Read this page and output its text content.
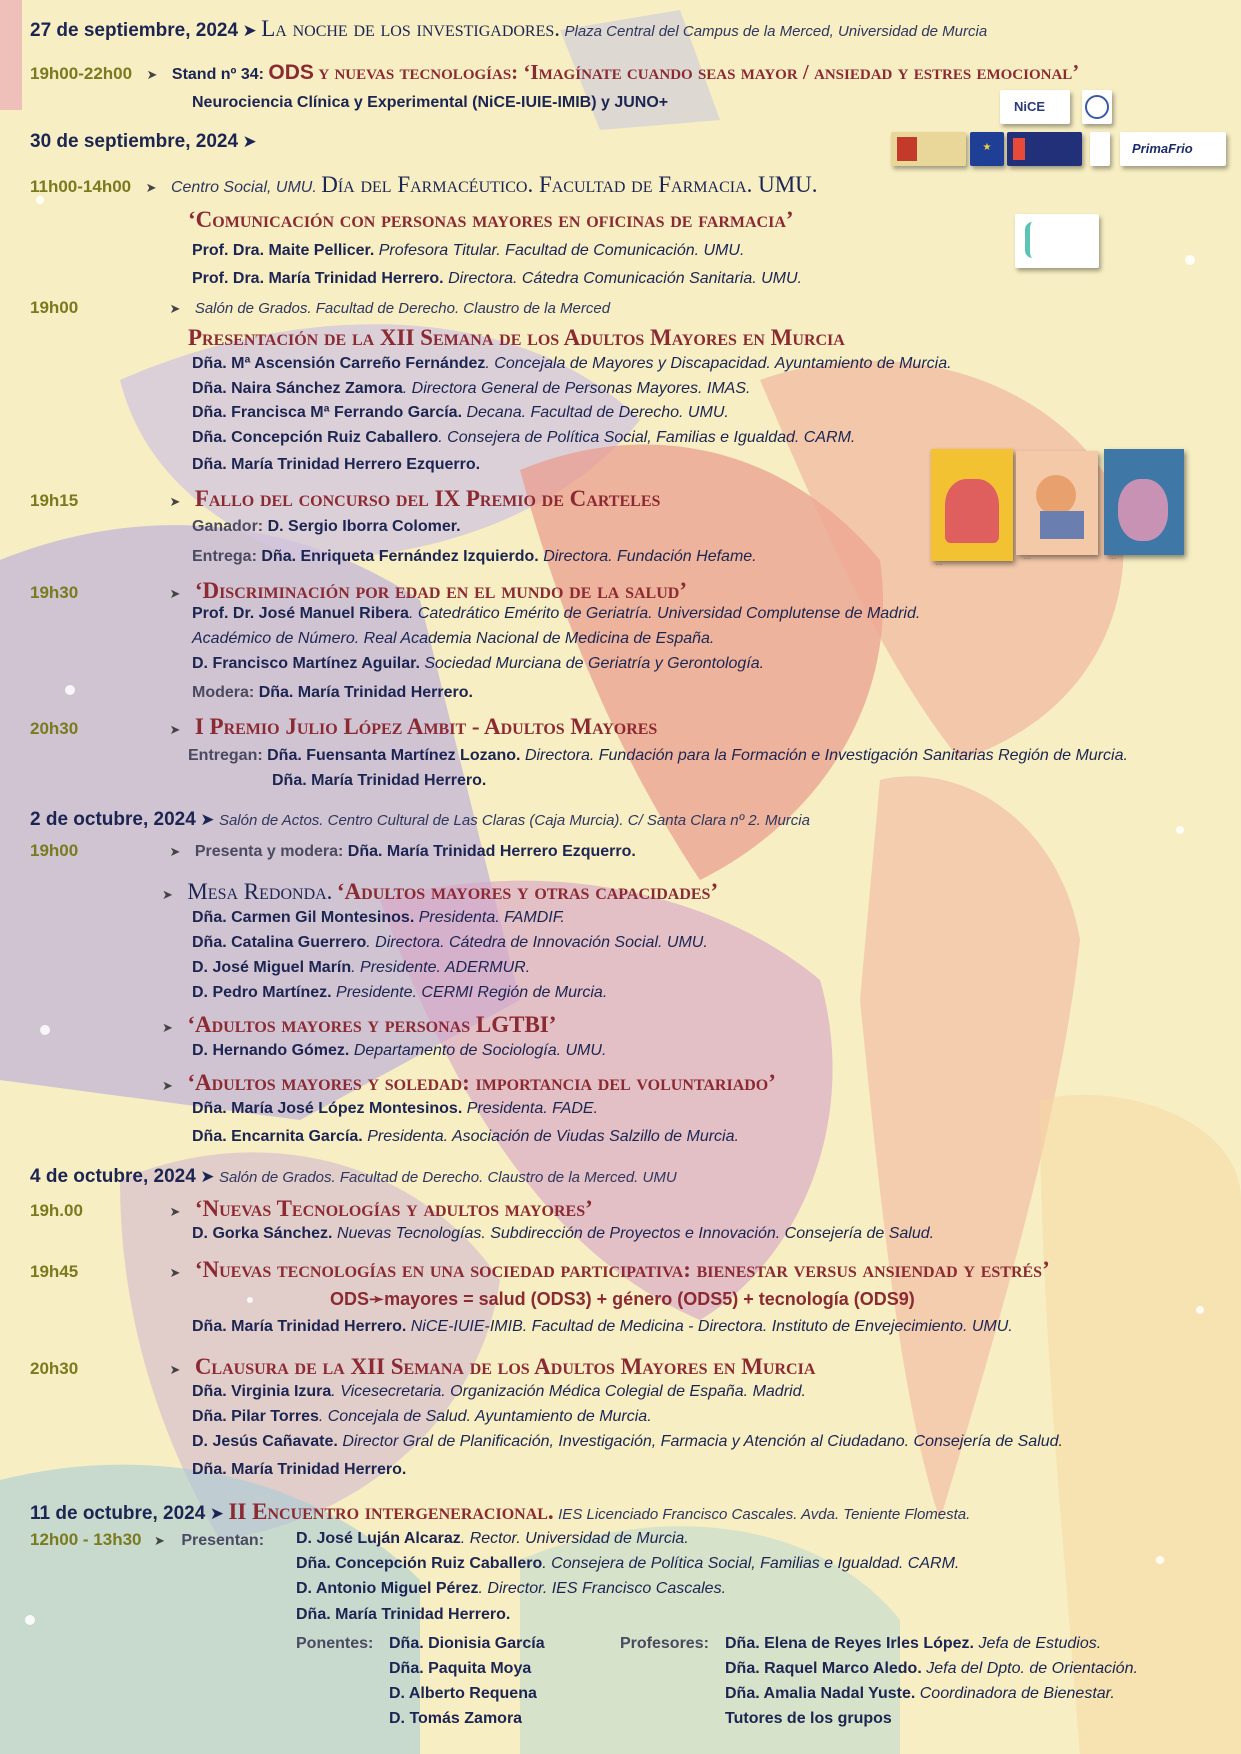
27 de septiembre, 2024 ➤ La noche de los investigadores. Plaza Central del Campus de la Merced, Universidad de Murcia
19h00-22h00 ➤ Stand nº 34: ODS y nuevas tecnologías: ‘Imagínate cuando seas mayor / ansiedad y estres emocional’
Neurociencia Clínica y Experimental (NiCE-IUIE-IMIB) y JUNO+	NiCE
★	PrimaFrio
30 de septiembre, 2024 ➤
11h00-14h00 ➤ Centro Social, UMU. Día del Farmacéutico. Facultad de Farmacia. UMU.
‘Comunicación con personas mayores en oficinas de farmacia’
Prof. Dra. Maite Pellicer. Profesora Titular. Facultad de Comunicación. UMU.
Prof. Dra. María Trinidad Herrero. Directora. Cátedra Comunicación Sanitaria. UMU.
19h00	➤ Salón de Grados. Facultad de Derecho. Claustro de la Merced
Presentación de la XII Semana de los Adultos Mayores en Murcia
Dña. Mª Ascensión Carreño Fernández. Concejala de Mayores y Discapacidad. Ayuntamiento de Murcia.
Dña. Naira Sánchez Zamora. Directora General de Personas Mayores. IMAS.
Dña. Francisca Mª Ferrando García. Decana. Facultad de Derecho. UMU.
Dña. Concepción Ruiz Caballero. Consejera de Política Social, Familias e Igualdad. CARM.
Dña. María Trinidad Herrero Ezquerro.
····
····	····
19h15	➤ Fallo del concurso del IX Premio de Carteles
Ganador: D. Sergio Iborra Colomer.
Entrega: Dña. Enriqueta Fernández Izquierdo. Directora. Fundación Hefame.
19h30	➤ ‘Discriminación por edad en el mundo de la salud’
Prof. Dr. José Manuel Ribera. Catedrático Emérito de Geriatría. Universidad Complutense de Madrid.
Académico de Número. Real Academia Nacional de Medicina de España.
D. Francisco Martínez Aguilar. Sociedad Murciana de Geriatría y Gerontología.
Modera: Dña. María Trinidad Herrero.
20h30	➤ I Premio Julio López Ambit - Adultos Mayores
Entregan: Dña. Fuensanta Martínez Lozano. Directora. Fundación para la Formación e Investigación Sanitarias Región de Murcia.
Dña. María Trinidad Herrero.
2 de octubre, 2024 ➤ Salón de Actos. Centro Cultural de Las Claras (Caja Murcia). C/ Santa Clara nº 2. Murcia
19h00	➤ Presenta y modera: Dña. María Trinidad Herrero Ezquerro.
➤ Mesa Redonda. ‘Adultos mayores y otras capacidades’
Dña. Carmen Gil Montesinos. Presidenta. FAMDIF.
Dña. Catalina Guerrero. Directora. Cátedra de Innovación Social. UMU.
D. José Miguel Marín. Presidente. ADERMUR.
D. Pedro Martínez. Presidente. CERMI Región de Murcia.
➤ ‘Adultos mayores y personas LGTBI’
D. Hernando Gómez. Departamento de Sociología. UMU.
➤ ‘Adultos mayores y soledad: importancia del voluntariado’
Dña. María José López Montesinos. Presidenta. FADE.
Dña. Encarnita García. Presidenta. Asociación de Viudas Salzillo de Murcia.
4 de octubre, 2024 ➤ Salón de Grados. Facultad de Derecho. Claustro de la Merced. UMU
19h.00	➤ ‘Nuevas Tecnologías y adultos mayores’
D. Gorka Sánchez. Nuevas Tecnologías. Subdirección de Proyectos e Innovación. Consejería de Salud.
19h45	➤ ‘Nuevas tecnologías en una sociedad participativa: bienestar versus ansiendad y estrés’
ODS➛mayores = salud (ODS3) + género (ODS5) + tecnología (ODS9)
Dña. María Trinidad Herrero. NiCE-IUIE-IMIB. Facultad de Medicina - Directora. Instituto de Envejecimiento. UMU.
20h30	➤ Clausura de la XII Semana de los Adultos Mayores en Murcia
Dña. Virginia Izura. Vicesecretaria. Organización Médica Colegial de España. Madrid.
Dña. Pilar Torres. Concejala de Salud. Ayuntamiento de Murcia.
D. Jesús Cañavate. Director Gral de Planificación, Investigación, Farmacia y Atención al Ciudadano. Consejería de Salud.
Dña. María Trinidad Herrero.
11 de octubre, 2024 ➤ II Encuentro intergeneracional. IES Licenciado Francisco Cascales. Avda. Teniente Flomesta.
12h00 - 13h30 ➤ Presentan: D. José Luján Alcaraz. Rector. Universidad de Murcia.
Dña. Concepción Ruiz Caballero. Consejera de Política Social, Familias e Igualdad. CARM.
D. Antonio Miguel Pérez. Director. IES Francisco Cascales.
Dña. María Trinidad Herrero.
Ponentes: Dña. Dionisia García
Dña. Paquita Moya
D. Alberto Requena
D. Tomás Zamora
Profesores: Dña. Elena de Reyes Irles López. Jefa de Estudios.
Dña. Raquel Marco Aledo. Jefa del Dpto. de Orientación.
Dña. Amalia Nadal Yuste. Coordinadora de Bienestar.
Tutores de los grupos
